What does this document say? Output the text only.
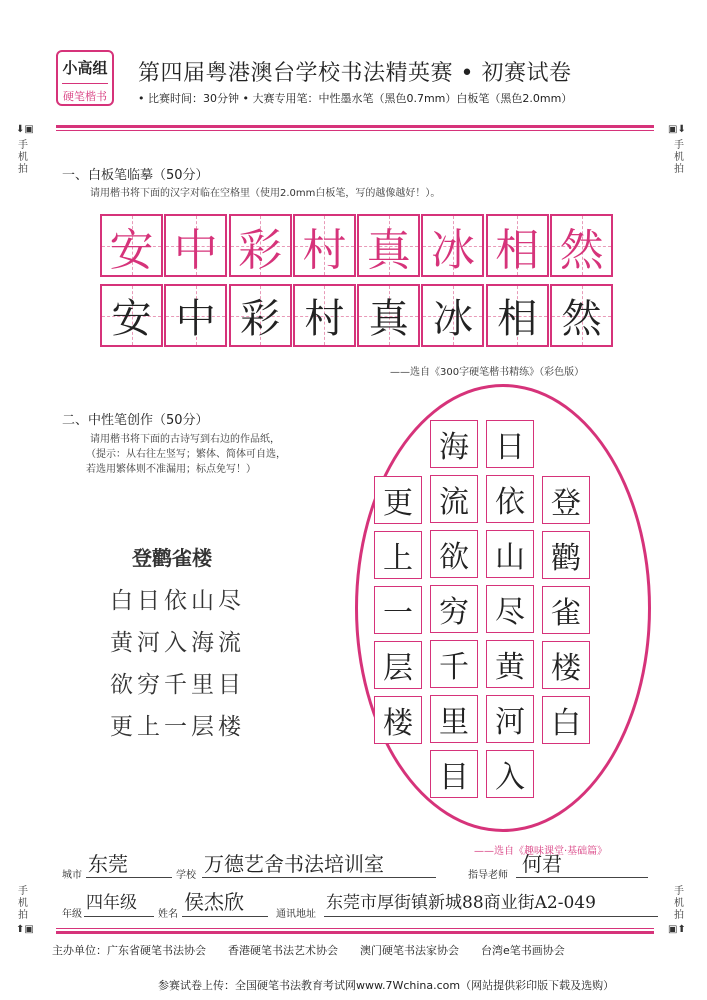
小高组
硬笔楷书
第四届粤港澳台学校书法精英赛 • 初赛试卷
• 比赛时间：30分钟 • 大赛专用笔：中性墨水笔（黑色0.7mm）白板笔（黑色2.0mm）
⬇▣
手
机
拍
▣⬇
手
机
拍
手
机
拍
⬆▣
手
机
拍
▣⬆
一、白板笔临摹（50分）
请用楷书将下面的汉字对临在空格里（使用2.0mm白板笔，写的越像越好！）。
安 中 彩 村 真 冰 相 然
安 中 彩 村 真 冰 相 然
——选自《300字硬笔楷书精练》（彩色版）
二、中性笔创作（50分）
请用楷书将下面的古诗写到右边的作品纸，
（提示：从右往左竖写；繁体、简体可自选，
若选用繁体则不准漏用；标点免写！）
登鹳雀楼
白日依山尽
黄河入海流
欲穷千里目
更上一层楼
登
鹳
雀
楼
白
日
依
山
尽
黄
河
入
海
流
欲
穷
千
里
目
更
上
一
层
楼
——选自《趣味课堂·基础篇》
城市 东莞	学校 万德艺舍书法培训室	指导老师 何君
年级
四年级
姓名
侯杰欣
通讯地址
东莞市厚街镇新城88商业街A2-049
主办单位：广东省硬笔书法协会　　香港硬笔书法艺术协会　　澳门硬笔书法家协会　　台湾e笔书画协会
参赛试卷上传：全国硬笔书法教育考试网www.7Wchina.com（网站提供彩印版下载及选购）
